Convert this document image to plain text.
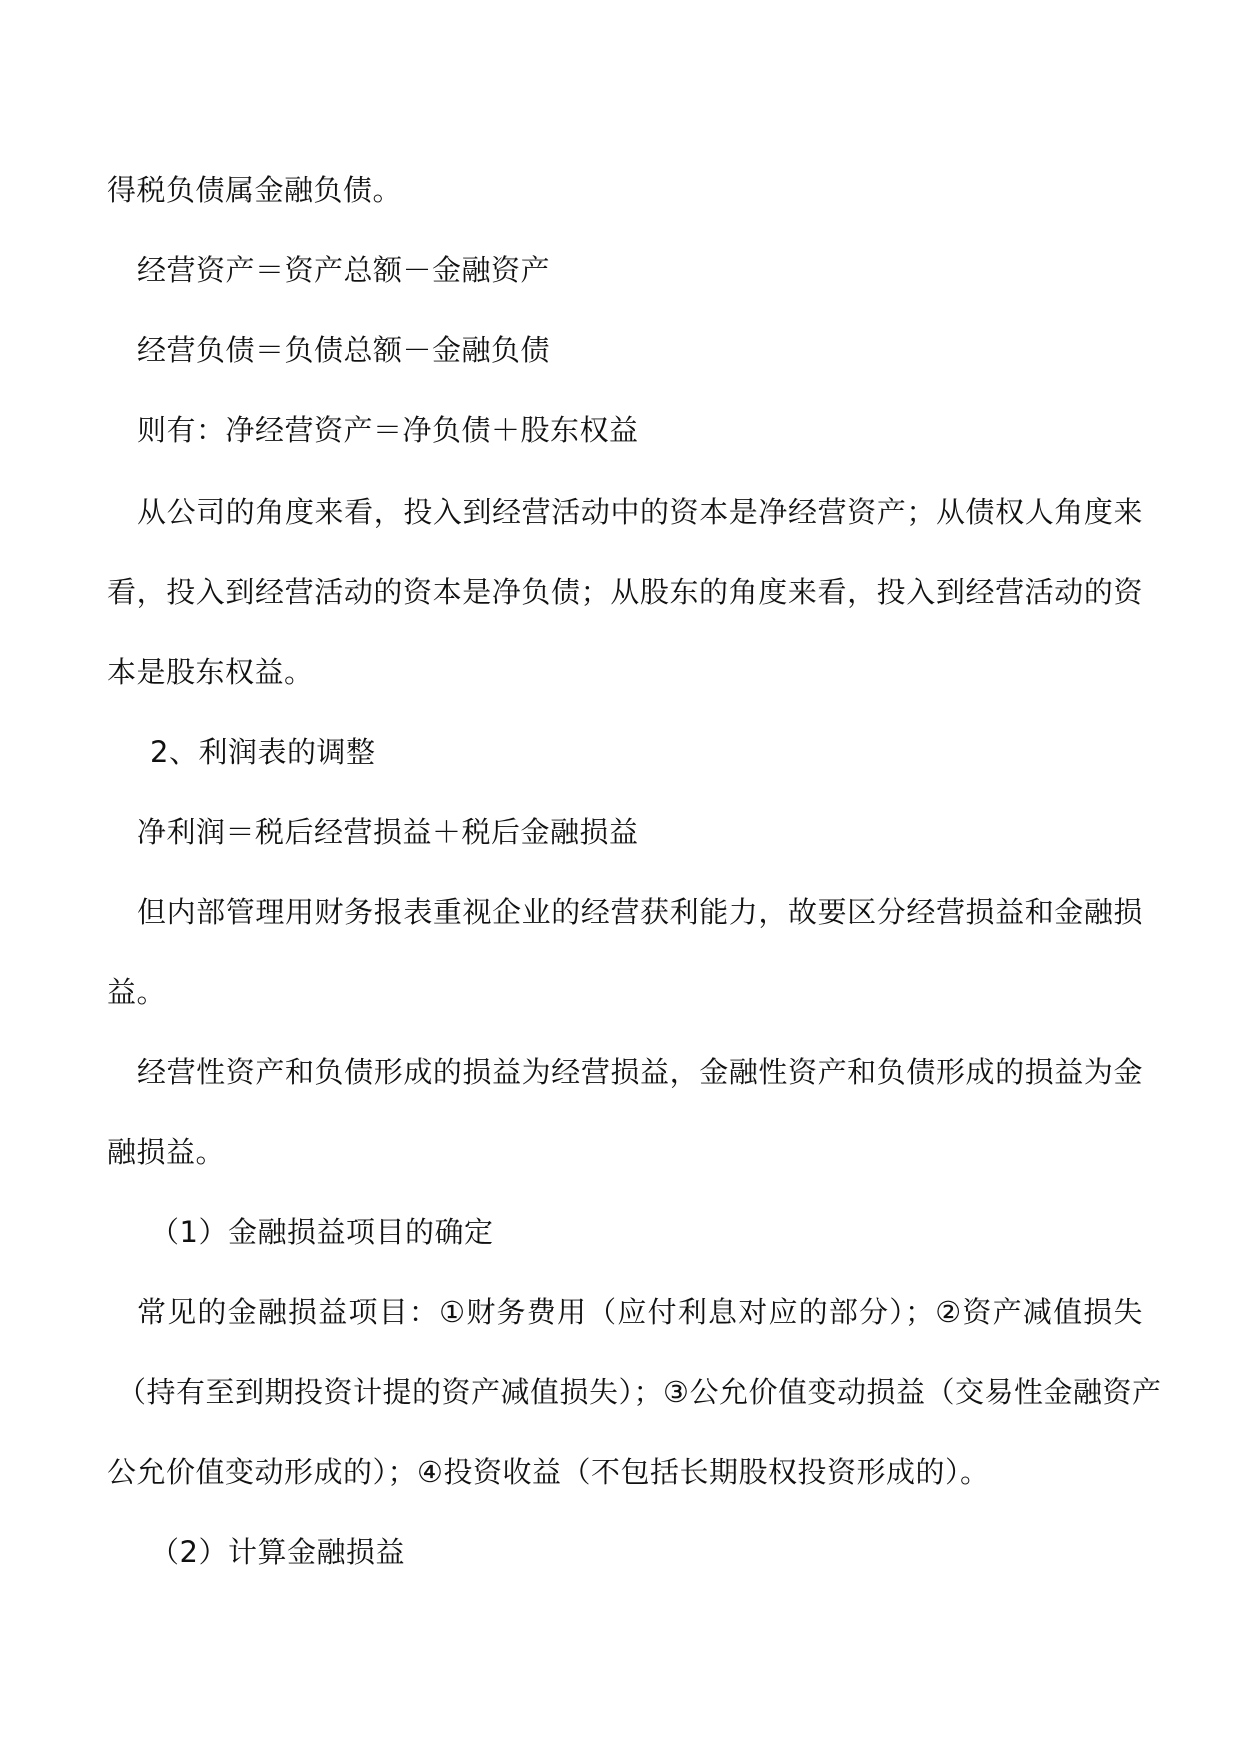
得税负债属金融负债。

经营资产＝资产总额－金融资产

经营负债＝负债总额－金融负债

则有：净经营资产＝净负债＋股东权益

从公司的角度来看，投入到经营活动中的资本是净经营资产；从债权人角度来

看，投入到经营活动的资本是净负债；从股东的角度来看，投入到经营活动的资

本是股东权益。

2、利润表的调整

净利润＝税后经营损益＋税后金融损益

但内部管理用财务报表重视企业的经营获利能力，故要区分经营损益和金融损

益。

经营性资产和负债形成的损益为经营损益，金融性资产和负债形成的损益为金

融损益。

（1）金融损益项目的确定

常见的金融损益项目：①财务费用（应付利息对应的部分）；②资产减值损失

（持有至到期投资计提的资产减值损失）；③公允价值变动损益（交易性金融资产

公允价值变动形成的）；④投资收益（不包括长期股权投资形成的）。

（2）计算金融损益
